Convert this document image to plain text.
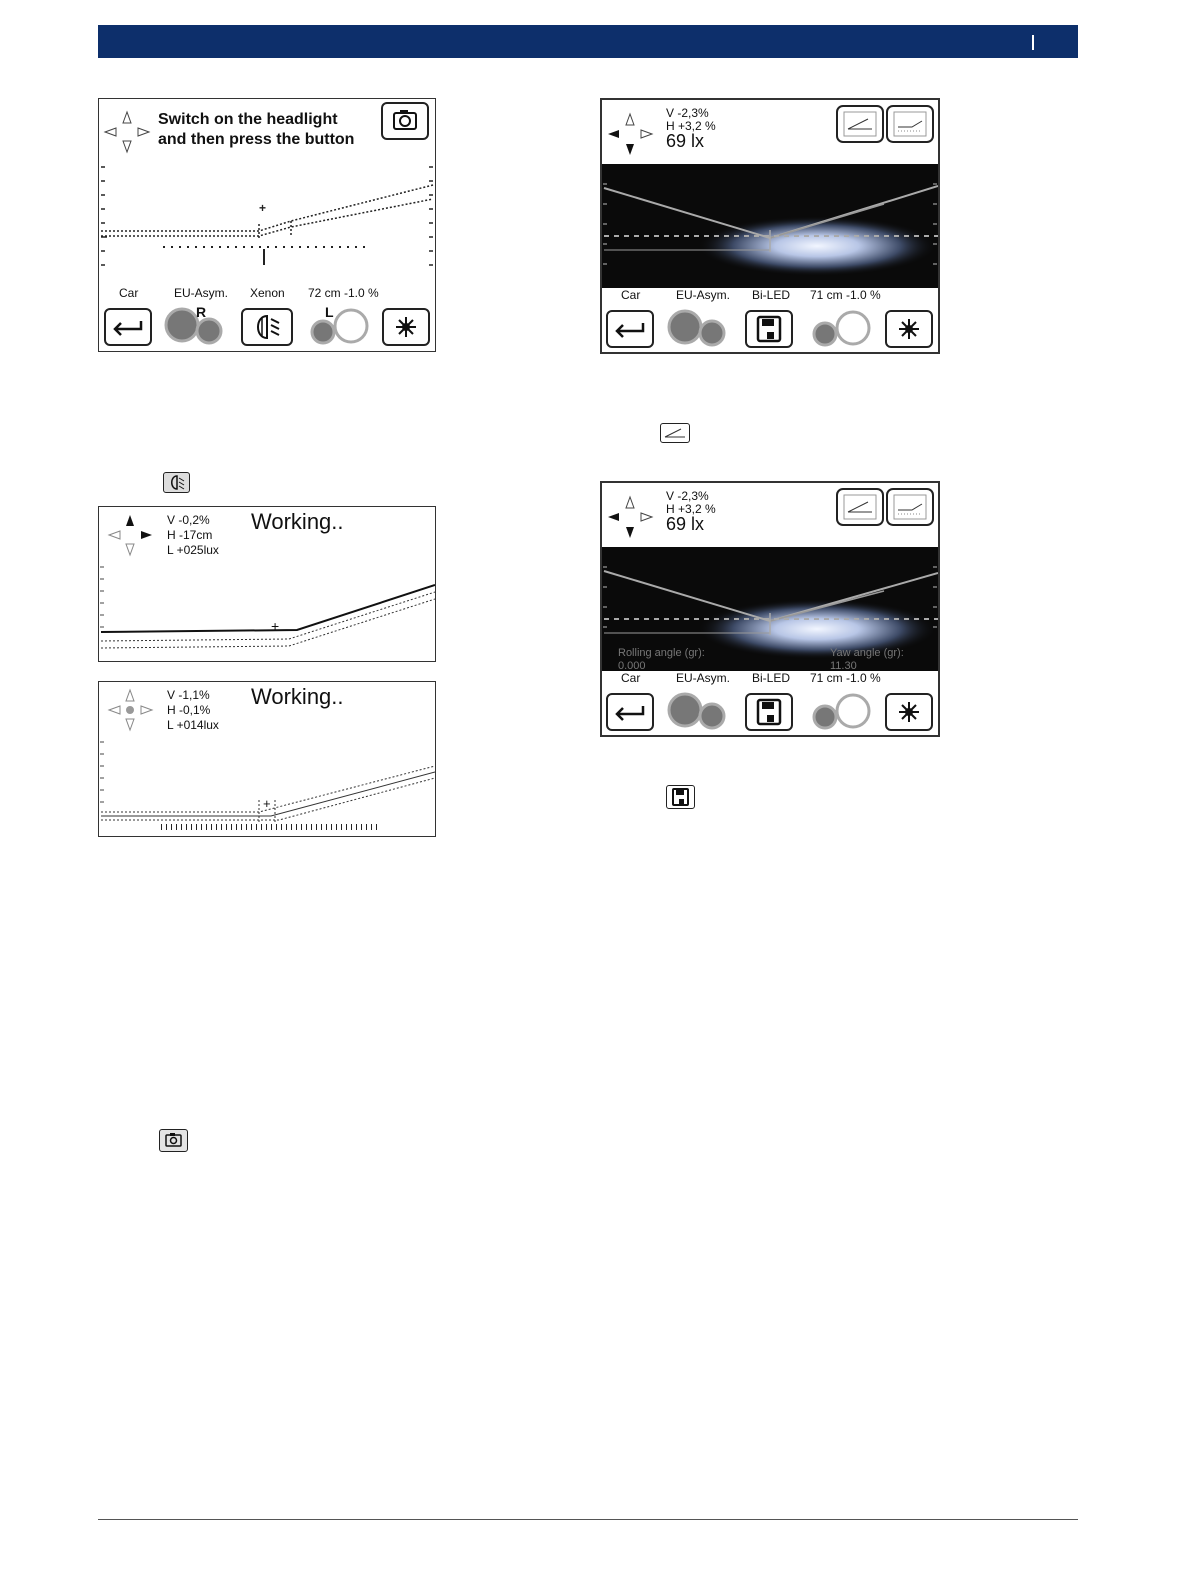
+
Switch on the headlight
and then press the button
Car	EU-Asym. Xenon 72 cm -1.0 %
R	L
+
V -0,2%
H -17cm
L +025lux
Working..
+
V -1,1%
H -0,1%
L +014lux
Working..
V -2,3%
H +3,2 %
69 lx
Car	EU-Asym. Bi-LED 71 cm -1.0 %
V -2,3%
H +3,2 %
69 lx
Rolling angle (gr):
0.000
Yaw angle (gr):
11.30
Car	EU-Asym. Bi-LED 71 cm -1.0 %
